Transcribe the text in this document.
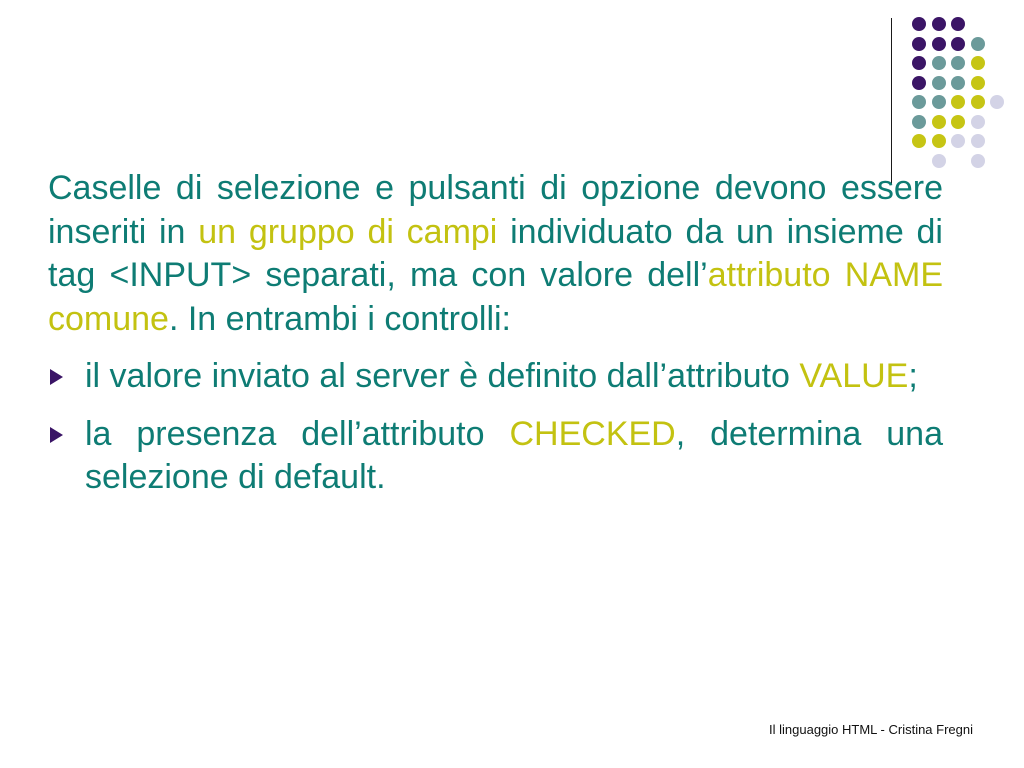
Caselle di selezione e pulsanti di opzione devono essere inseriti in un gruppo di campi individuato da un insieme di tag <INPUT> separati, ma con valore dell’attributo NAME comune. In entrambi i controlli:

il valore inviato al server è definito dall’attributo VALUE;
la presenza dell’attributo CHECKED, determina una selezione di default.
Il linguaggio HTML - Cristina Fregni
